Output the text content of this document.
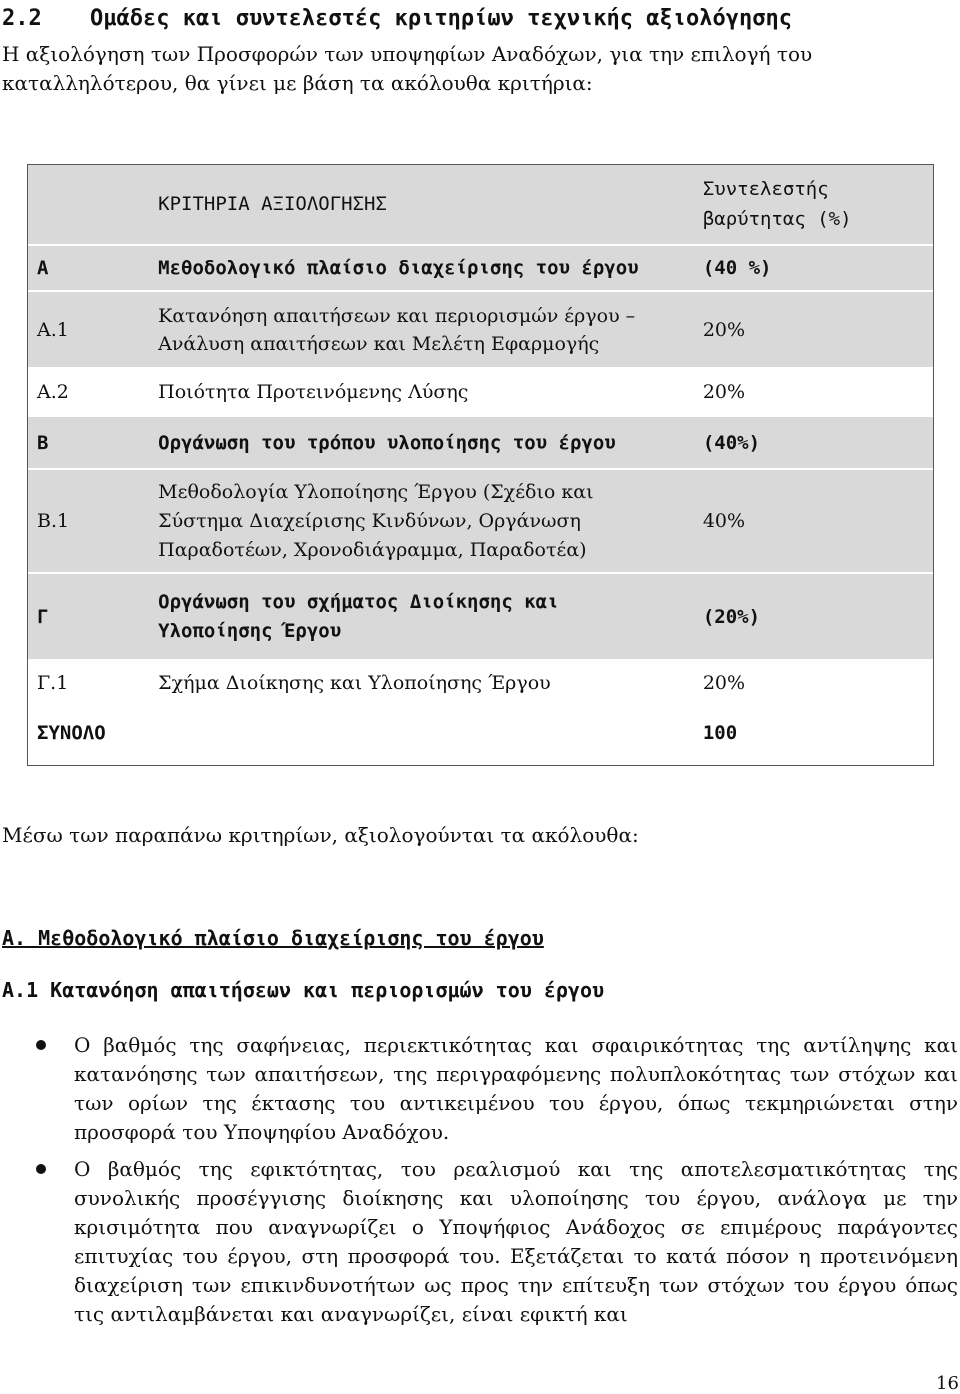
2.2 Ομάδες και συντελεστές κριτηρίων τεχνικής αξιολόγησης
Η αξιολόγηση των Προσφορών των υποψηφίων Αναδόχων, για την επιλογή του καταλληλότερου, θα γίνει με βάση τα ακόλουθα κριτήρια:
	ΚΡΙΤΗΡΙΑ ΑΞΙΟΛΟΓΗΣΗΣ	Συντελεστής
βαρύτητας (%)

Α	Μεθοδολογικό πλαίσιο διαχείρισης του έργου	(40 %)
Α.1	Κατανόηση απαιτήσεων και περιορισμών έργου –
Ανάλυση απαιτήσεων και Μελέτη Εφαρμογής	20%
Α.2	Ποιότητα Προτεινόμενης Λύσης	20%
Β	Οργάνωση του τρόπου υλοποίησης του έργου	(40%)
Β.1	Μεθοδολογία Υλοποίησης Έργου (Σχέδιο και
Σύστημα Διαχείρισης Κινδύνων, Οργάνωση
Παραδοτέων, Χρονοδιάγραμμα, Παραδοτέα)	40%
Γ	Οργάνωση του σχήματος Διοίκησης και
Υλοποίησης Έργου	(20%)
Γ.1	Σχήμα Διοίκησης και Υλοποίησης Έργου	20%
ΣΥΝΟΛΟ		100
Μέσω των παραπάνω κριτηρίων, αξιολογούνται τα ακόλουθα:
Α. Μεθοδολογικό πλαίσιο διαχείρισης του έργου
Α.1 Κατανόηση απαιτήσεων και περιορισμών του έργου
Ο βαθμός της σαφήνειας, περιεκτικότητας και σφαιρικότητας της αντίληψης και κατανόησης των απαιτήσεων, της περιγραφόμενης πολυπλοκότητας των στόχων και των ορίων της έκτασης του αντικειμένου του έργου, όπως τεκμηριώνεται στην προσφορά του Υποψηφίου Αναδόχου.
Ο βαθμός της εφικτότητας, του ρεαλισμού και της αποτελεσματικότητας της συνολικής προσέγγισης διοίκησης και υλοποίησης του έργου, ανάλογα με την κρισιμότητα που αναγνωρίζει ο Υποψήφιος Ανάδοχος σε επιμέρους παράγοντες επιτυχίας του έργου, στη προσφορά του. Εξετάζεται το κατά πόσον η προτεινόμενη διαχείριση των επικινδυνοτήτων ως προς την επίτευξη των στόχων του έργου όπως τις αντιλαμβάνεται και αναγνωρίζει, είναι εφικτή και
16
